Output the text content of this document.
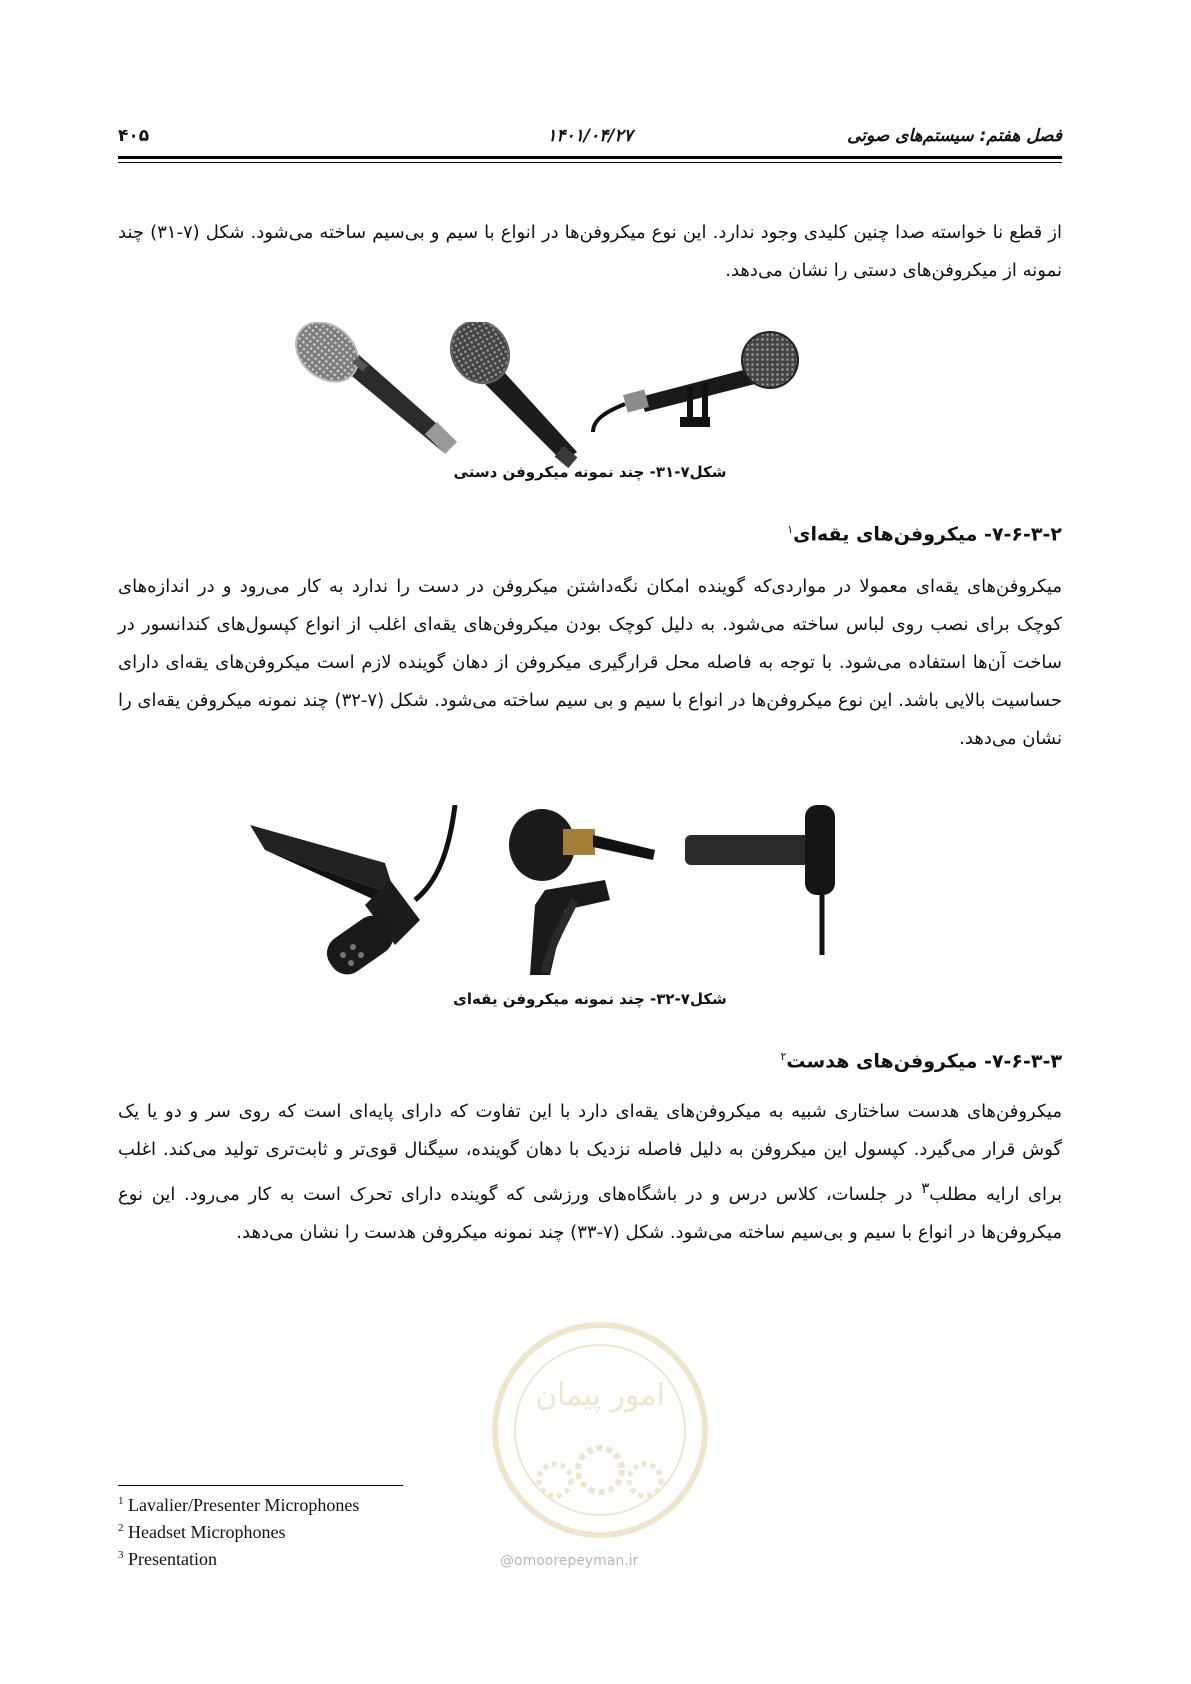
فصل هفتم: سیستم‌های صوتی
۱۴۰۱/۰۴/۲۷
۴۰۵

از قطع نا خواسته صدا چنین کلیدی وجود ندارد. این نوع میکروفن‌ها در انواع با سیم و بی‌سیم ساخته می‌شود. شکل (۷-۳۱) چند نمونه از میکروفن‌های دستی را نشان می‌دهد.

شکل۷-۳۱- چند نمونه میکروفن دستی

۷-۶-۳-۲- میکروفن‌های یقه‌ای$^۱$

میکروفن‌های یقه‌ای معمولا در مواردی‌که گوینده امکان نگه‌داشتن میکروفن در دست را ندارد به کار می‌رود و در اندازه‌های کوچک برای نصب روی لباس ساخته می‌شود. به دلیل کوچک بودن میکروفن‌های یقه‌ای اغلب از انواع کپسول‌های کندانسور در ساخت آن‌ها استفاده می‌شود. با توجه به فاصله محل قرارگیری میکروفن از دهان گوینده لازم است میکروفن‌های یقه‌ای دارای حساسیت بالایی باشد. این نوع میکروفن‌ها در انواع با سیم و بی سیم ساخته می‌شود. شکل (۷-۳۲) چند نمونه میکروفن یقه‌ای را نشان می‌دهد.

شکل۷-۳۲- چند نمونه میکروفن یقه‌ای

۷-۶-۳-۳- میکروفن‌های هدست$^۲$

میکروفن‌های هدست ساختاری شبیه به میکروفن‌های یقه‌ای دارد با این تفاوت که دارای پایه‌ای است که روی سر و دو یا یک گوش قرار می‌گیرد. کپسول این میکروفن به دلیل فاصله نزدیک با دهان گوینده، سیگنال قوی‌تر و ثابت‌تری تولید می‌کند. اغلب برای ارایه مطلب$^۳$ در جلسات، کلاس درس و در باشگاه‌های ورزشی که گوینده دارای تحرک است به کار می‌رود. این نوع میکروفن‌ها در انواع با سیم و بی‌سیم ساخته می‌شود. شکل (۷-۳۳) چند نمونه میکروفن هدست را نشان می‌دهد.

امور پیمان
@omoorepeyman.ir
$^1$ Lavalier/Presenter Microphones
$^2$ Headset Microphones
$^3$ Presentation
